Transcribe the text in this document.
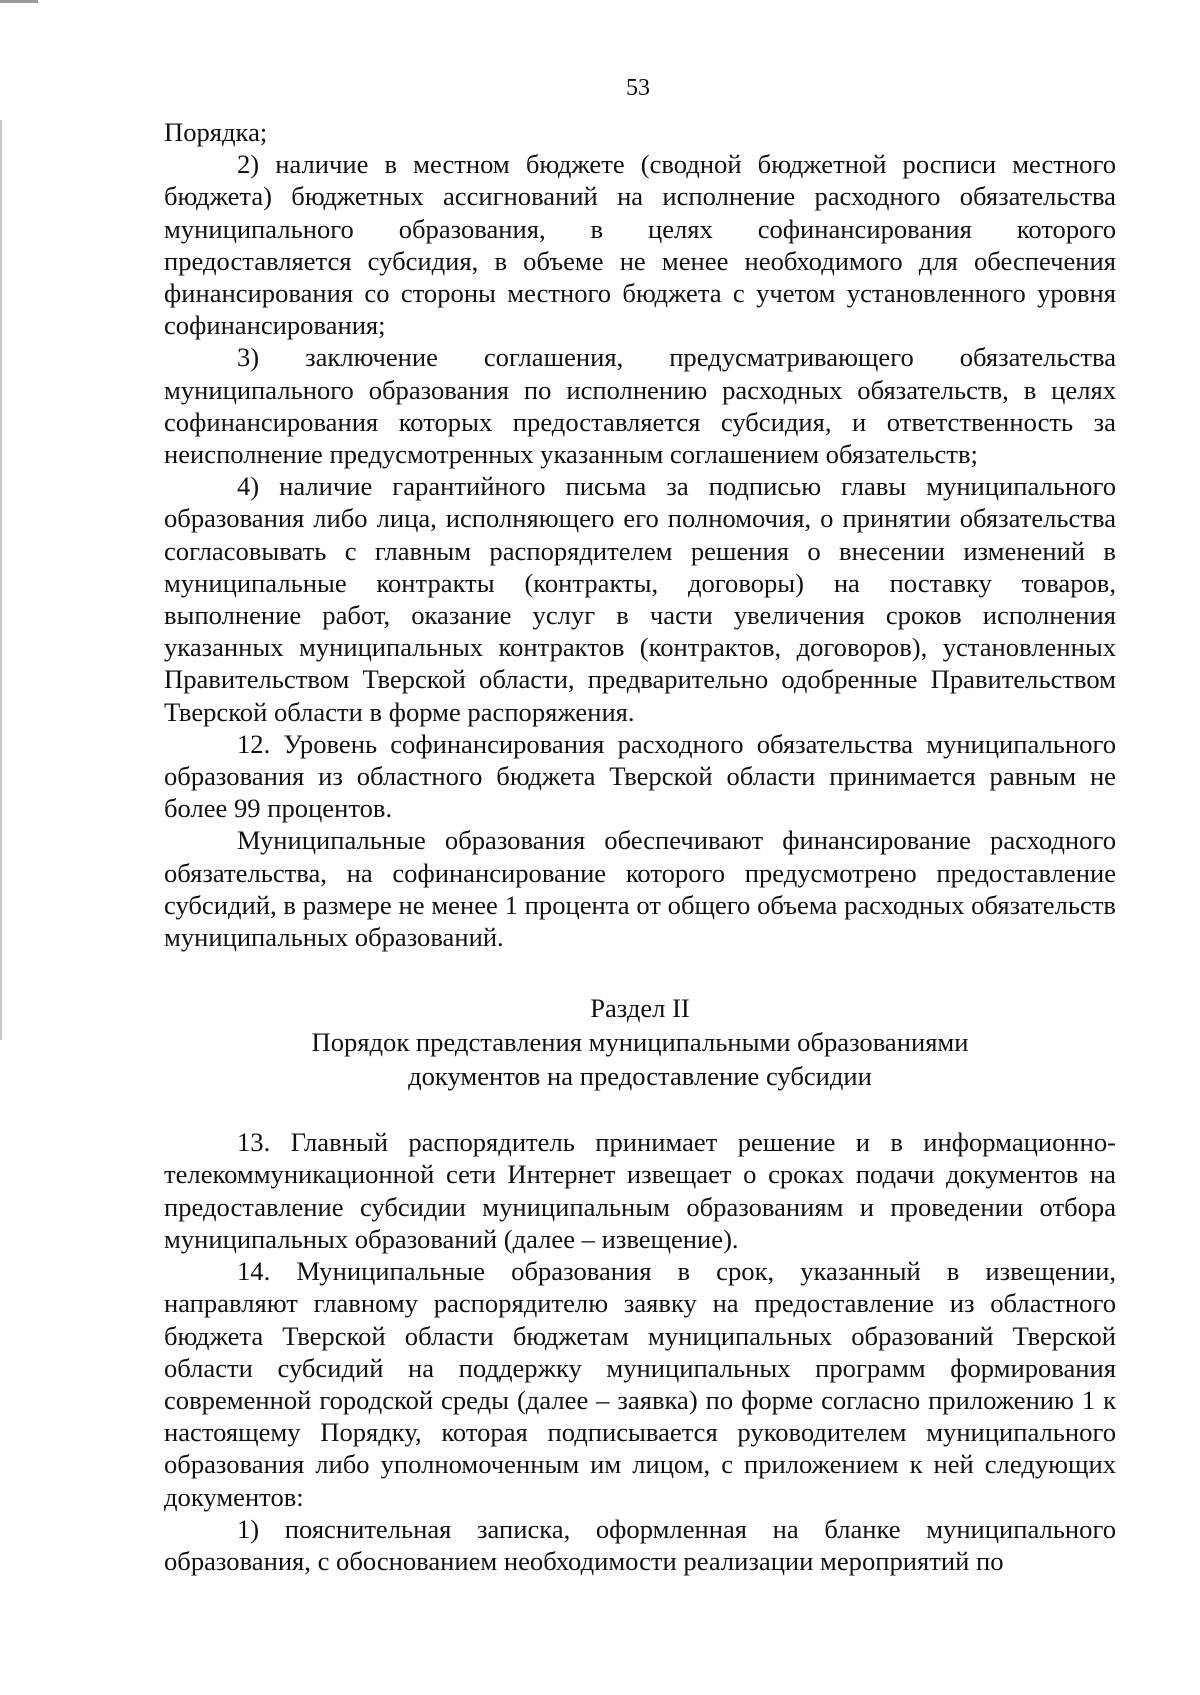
53

Порядка;

2) наличие в местном бюджете (сводной бюджетной росписи местного бюджета) бюджетных ассигнований на исполнение расходного обязательства муниципального образования, в целях софинансирования которого предоставляется субсидия, в объеме не менее необходимого для обеспечения финансирования со стороны местного бюджета с учетом установленного уровня софинансирования;

3) заключение соглашения, предусматривающего обязательства муниципального образования по исполнению расходных обязательств, в целях софинансирования которых предоставляется субсидия, и ответственность за неисполнение предусмотренных указанным соглашением обязательств;

4) наличие гарантийного письма за подписью главы муниципального образования либо лица, исполняющего его полномочия, о принятии обязательства согласовывать с главным распорядителем решения о внесении изменений в муниципальные контракты (контракты, договоры) на поставку товаров, выполнение работ, оказание услуг в части увеличения сроков исполнения указанных муниципальных контрактов (контрактов, договоров), установленных Правительством Тверской области, предварительно одобренные Правительством Тверской области в форме распоряжения.

12. Уровень софинансирования расходного обязательства муниципального образования из областного бюджета Тверской области принимается равным не более 99 процентов.

Муниципальные образования обеспечивают финансирование расходного обязательства, на софинансирование которого предусмотрено предоставление субсидий, в размере не менее 1 процента от общего объема расходных обязательств муниципальных образований.

Раздел II
Порядок представления муниципальными образованиями
документов на предоставление субсидии

13. Главный распорядитель принимает решение и в информационно-телекоммуникационной сети Интернет извещает о сроках подачи документов на предоставление субсидии муниципальным образованиям и проведении отбора муниципальных образований (далее – извещение).

14. Муниципальные образования в срок, указанный в извещении, направляют главному распорядителю заявку на предоставление из областного бюджета Тверской области бюджетам муниципальных образований Тверской области субсидий на поддержку муниципальных программ формирования современной городской среды (далее – заявка) по форме согласно приложению 1 к настоящему Порядку, которая подписывается руководителем муниципального образования либо уполномоченным им лицом, с приложением к ней следующих документов:

1) пояснительная записка, оформленная на бланке муниципального образования, с обоснованием необходимости реализации мероприятий по
